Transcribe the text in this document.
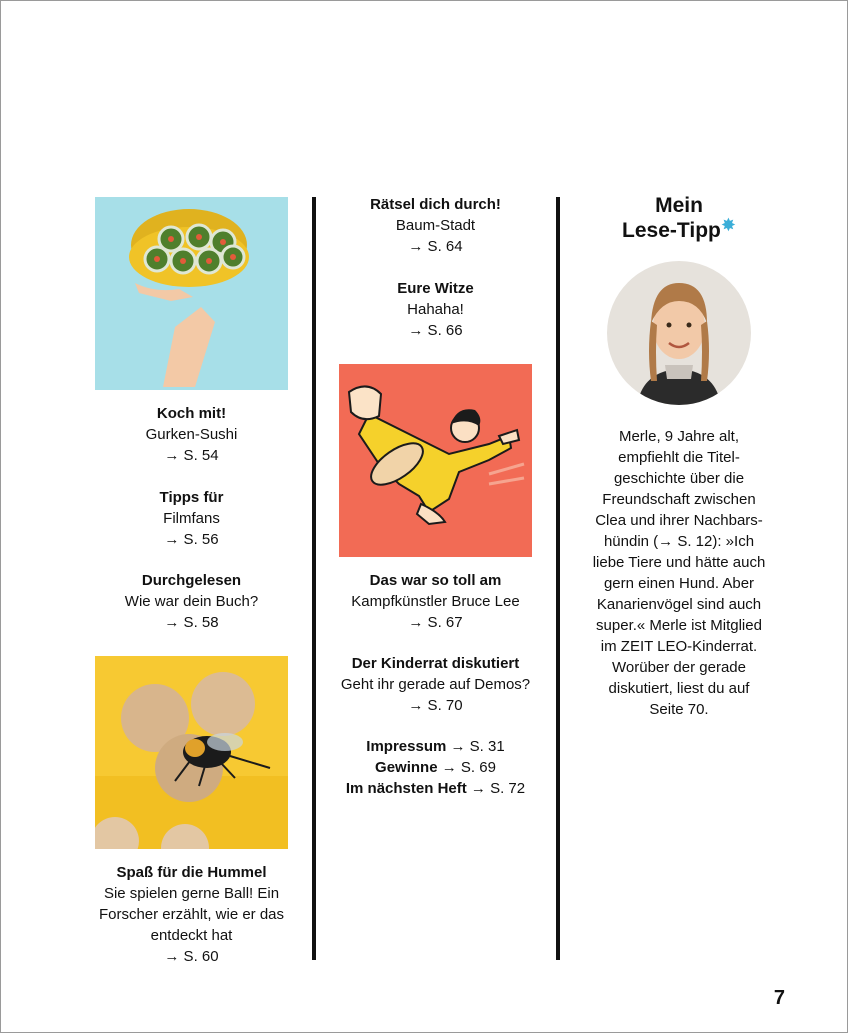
Koch mit!
Gurken-Sushi
→ S. 54
Tipps für
Filmfans
→ S. 56
Durchgelesen
Wie war dein Buch?
→ S. 58
Spaß für die Hummel
Sie spielen gerne Ball! Ein Forscher erzählt, wie er das entdeckt hat
→ S. 60
Rätsel dich durch!
Baum-Stadt
→ S. 64
Eure Witze
Hahaha!
→ S. 66
Das war so toll am
Kampfkünstler Bruce Lee
→ S. 67
Der Kinderrat diskutiert
Geht ihr gerade auf Demos?
→ S. 70
Impressum → S. 31
Gewinne → S. 69
Im nächsten Heft → S. 72
Mein
Lese-Tipp✸
Merle, 9 Jahre alt, empfiehlt die Titelgeschichte über die Freundschaft zwischen Clea und ihrer Nachbarshündin (→ S. 12): »Ich liebe Tiere und hätte auch gern einen Hund. Aber Kanarienvögel sind auch super.« Merle ist Mitglied im ZEIT LEO-Kinderrat. Worüber der gerade diskutiert, liest du auf Seite 70.
7
